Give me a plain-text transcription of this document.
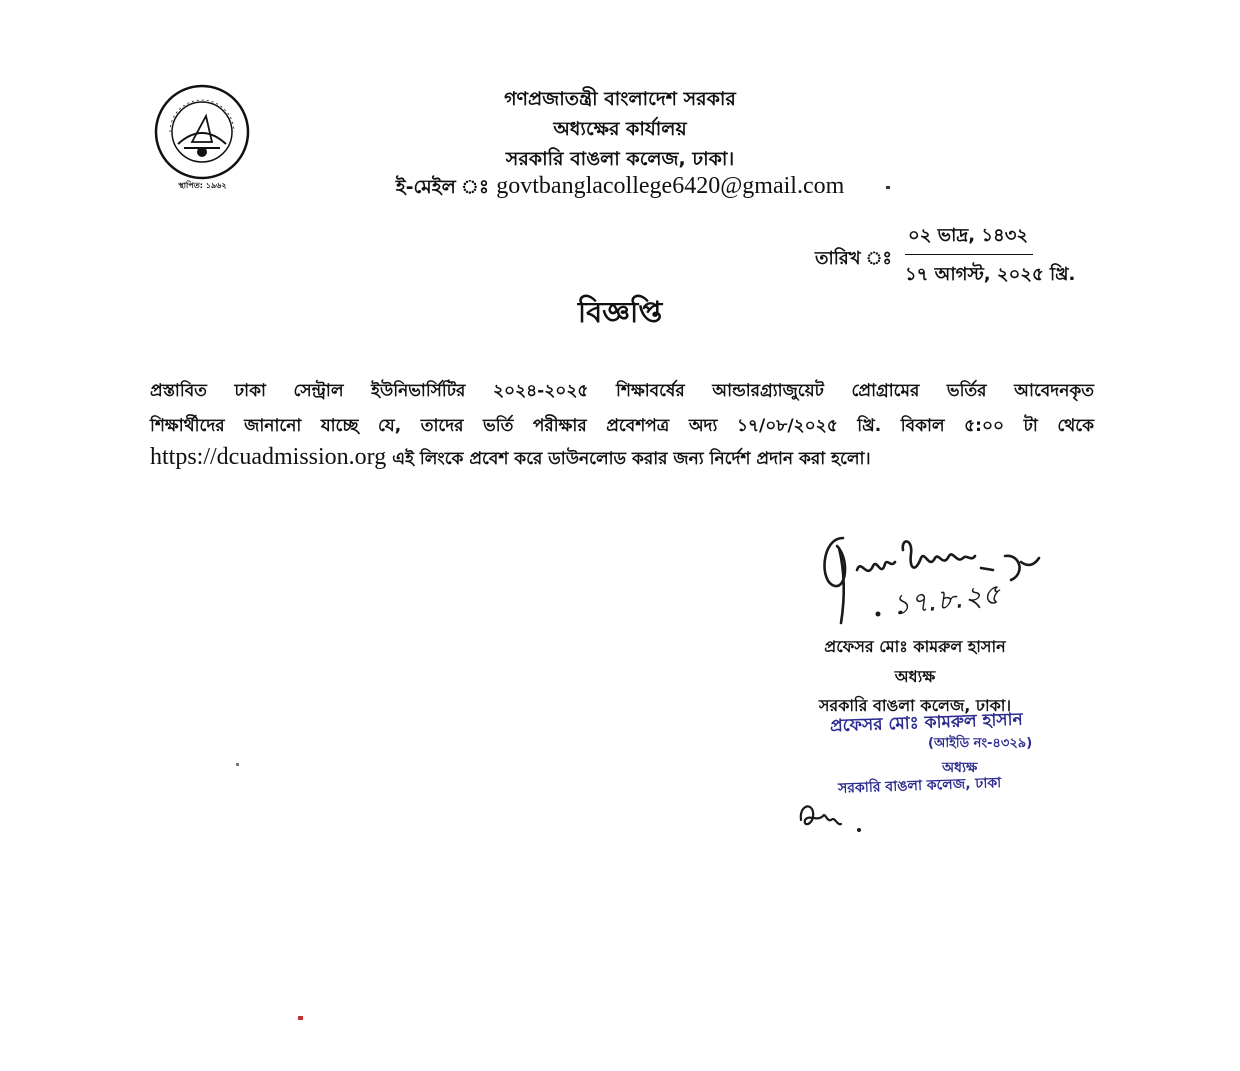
স্থাপিত: ১৯৬২
গণপ্রজাতন্ত্রী বাংলাদেশ সরকার
অধ্যক্ষের কার্যালয়
সরকারি বাঙলা কলেজ, ঢাকা।
ই-মেইল ঃ govtbanglacollege6420@gmail.com
তারিখ ঃ
০২ ভাদ্র, ১৪৩২
১৭ আগস্ট, ২০২৫ খ্রি.
বিজ্ঞপ্তি
প্রস্তাবিত ঢাকা সেন্ট্রাল ইউনিভার্সিটির ২০২৪-২০২৫ শিক্ষাবর্ষের আন্ডারগ্র্যাজুয়েট প্রোগ্রামের ভর্তির আবেদনকৃত
শিক্ষার্থীদের জানানো যাচ্ছে যে, তাদের ভর্তি পরীক্ষার প্রবেশপত্র অদ্য ১৭/০৮/২০২৫ খ্রি. বিকাল ৫:০০ টা থেকে
https://dcuadmission.org এই লিংকে প্রবেশ করে ডাউনলোড করার জন্য নির্দেশ প্রদান করা হলো।
১৭.৮.২৫
প্রফেসর মোঃ কামরুল হাসান
অধ্যক্ষ
সরকারি বাঙলা কলেজ, ঢাকা।
প্রফেসর মোঃ কামরুল হাসান
(আইডি নং-৪৩২৯)
অধ্যক্ষ
সরকারি বাঙলা কলেজ, ঢাকা
